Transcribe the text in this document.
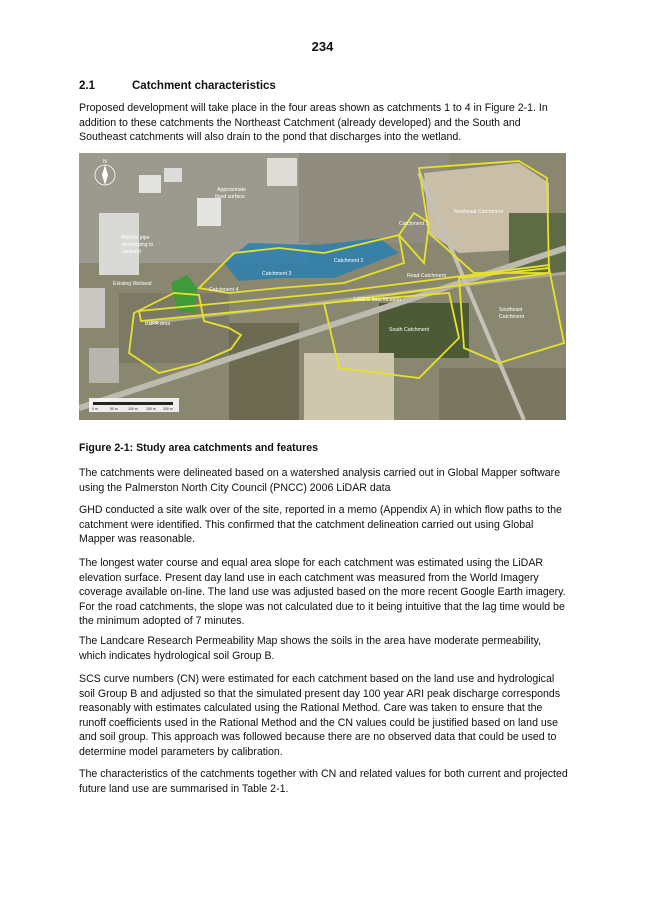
234
2.1	Catchment characteristics

Proposed development will take place in the four areas shown as catchments 1 to 4 in Figure 2-1. In addition to these catchments the Northeast Catchment (already developed) and the South and Southeast catchments will also drain to the pond that discharges into the wetland.

Approximate
flood surface
450mm pipe
discharging to
wetland
Existing Wetland
Catchment 4
Catchment 3
Catchment 2
Catchment 1
Northeast Catchment
Road Catchment
HIRDS data location
South Catchment
Southeast
Catchment
BUPA area
N
0 m	50 m	100 m 150 m 200 m
Figure 2-1: Study area catchments and features

The catchments were delineated based on a watershed analysis carried out in Global Mapper software using the Palmerston North City Council (PNCC) 2006 LiDAR data

GHD conducted a site walk over of the site, reported in a memo (Appendix A) in which flow paths to the catchment were identified. This confirmed that the catchment delineation carried out using Global Mapper was reasonable.

The longest water course and equal area slope for each catchment was estimated using the LiDAR elevation surface. Present day land use in each catchment was measured from the World Imagery coverage available on-line. The land use was adjusted based on the more recent Google Earth imagery. For the road catchments, the slope was not calculated due to it being intuitive that the lag time would be the minimum adopted of 7 minutes.

The Landcare Research Permeability Map shows the soils in the area have moderate permeability, which indicates hydrological soil Group B.

SCS curve numbers (CN) were estimated for each catchment based on the land use and hydrological soil Group B and adjusted so that the simulated present day 100 year ARI peak discharge corresponds reasonably with estimates calculated using the Rational Method. Care was taken to ensure that the runoff coefficients used in the Rational Method and the CN values could be justified based on land use and soil group. This approach was followed because there are no observed data that could be used to determine model parameters by calibration.

The characteristics of the catchments together with CN and related values for both current and projected future land use are summarised in Table 2-1.
